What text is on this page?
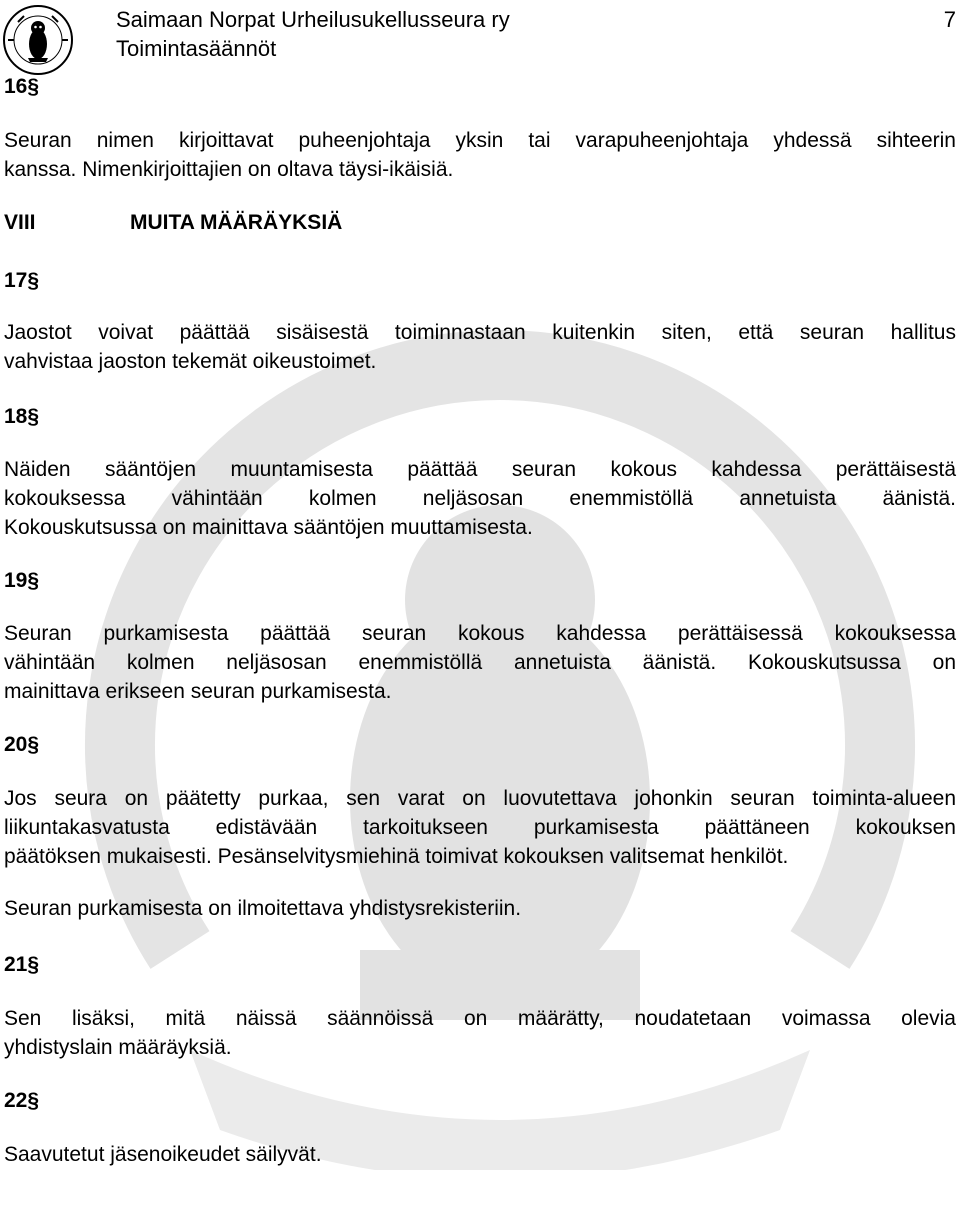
Saimaan Norpat Urheilusukellusseura ry
Toimintasäännöt
7
16§
Seuran nimen kirjoittavat puheenjohtaja yksin tai varapuheenjohtaja yhdessä sihteerin
kanssa. Nimenkirjoittajien on oltava täysi-ikäisiä.
VIII	MUITA MÄÄRÄYKSIÄ
17§
Jaostot voivat päättää sisäisestä toiminnastaan kuitenkin siten, että seuran hallitus
vahvistaa jaoston tekemät oikeustoimet.
18§
Näiden sääntöjen muuntamisesta päättää seuran kokous kahdessa perättäisestä
kokouksessa vähintään kolmen neljäsosan enemmistöllä annetuista äänistä.
Kokouskutsussa on mainittava sääntöjen muuttamisesta.
19§
Seuran purkamisesta päättää seuran kokous kahdessa perättäisessä kokouksessa
vähintään kolmen neljäsosan enemmistöllä annetuista äänistä. Kokouskutsussa on
mainittava erikseen seuran purkamisesta.
20§
Jos seura on päätetty purkaa, sen varat on luovutettava johonkin seuran toiminta-alueen
liikuntakasvatusta edistävään tarkoitukseen purkamisesta päättäneen kokouksen
päätöksen mukaisesti. Pesänselvitysmiehinä toimivat kokouksen valitsemat henkilöt.
Seuran purkamisesta on ilmoitettava yhdistysrekisteriin.
21§
Sen lisäksi, mitä näissä säännöissä on määrätty, noudatetaan voimassa olevia
yhdistyslain määräyksiä.
22§
Saavutetut jäsenoikeudet säilyvät.
